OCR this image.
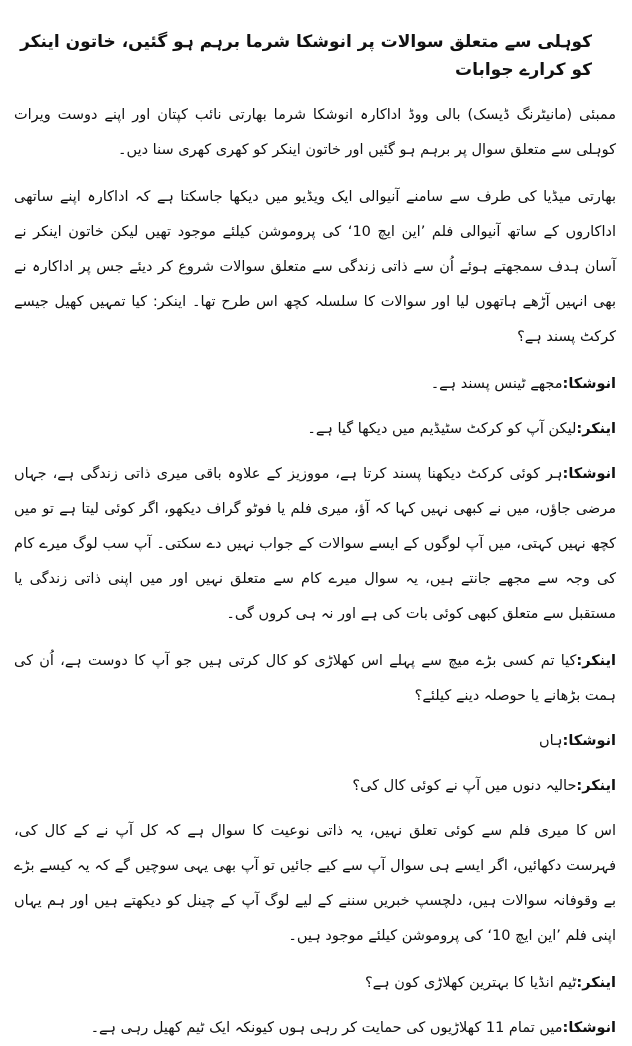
کوہلی سے متعلق سوالات پر انوشکا شرما برہم ہو گئیں، خاتون اینکر کو کرارے جوابات

ممبئی (مانیٹرنگ ڈیسک) بالی ووڈ اداکارہ انوشکا شرما بھارتی نائب کپتان اور اپنے دوست ویرات کوہلی سے متعلق سوال پر برہم ہو گئیں اور خاتون اینکر کو کھری کھری سنا دیں۔

بھارتی میڈیا کی طرف سے سامنے آنیوالی ایک ویڈیو میں دیکھا جاسکتا ہے کہ اداکارہ اپنے ساتھی اداکاروں کے ساتھ آنیوالی فلم ’این ایچ 10‘ کی پروموشن کیلئے موجود تھیں لیکن خاتون اینکر نے آسان ہدف سمجھتے ہوئے اُن سے ذاتی زندگی سے متعلق سوالات شروع کر دیئے جس پر اداکارہ نے بھی انہیں آڑھے ہاتھوں لیا اور سوالات کا سلسلہ کچھ اس طرح تھا۔ اینکر: کیا تمہیں کھیل جیسے کرکٹ پسند ہے؟

انوشکا:مجھے ٹینس پسند ہے۔

اینکر:لیکن آپ کو کرکٹ سٹیڈیم میں دیکھا گیا ہے۔

انوشکا:ہر کوئی کرکٹ دیکھنا پسند کرتا ہے، مووزیز کے علاوہ باقی میری ذاتی زندگی ہے، جہاں مرضی جاﺅں، میں نے کبھی نہیں کہا کہ آﺅ، میری فلم یا فوٹو گراف دیکھو، اگر کوئی لیتا ہے تو میں کچھ نہیں کہتی، میں آپ لوگوں کے ایسے سوالات کے جواب نہیں دے سکتی۔ آپ سب لوگ میرے کام کی وجہ سے مجھے جانتے ہیں، یہ سوال میرے کام سے متعلق نہیں اور میں اپنی ذاتی زندگی یا مستقبل سے متعلق کبھی کوئی بات کی ہے اور نہ ہی کروں گی۔

اینکر:کیا تم کسی بڑے میچ سے پہلے اس کھلاڑی کو کال کرتی ہیں جو آپ کا دوست ہے، اُن کی ہمت بڑھانے یا حوصلہ دینے کیلئے؟

انوشکا:ہاں

اینکر:حالیہ دنوں میں آپ نے کوئی کال کی؟

اس کا میری فلم سے کوئی تعلق نہیں، یہ ذاتی نوعیت کا سوال ہے کہ کل آپ نے کے کال کی، فہرست دکھائیں، اگر ایسے ہی سوال آپ سے کیے جائیں تو آپ بھی یہی سوچیں گے کہ یہ کیسے بڑے بے وقوفانہ سوالات ہیں، دلچسپ خبریں سننے کے لیے لوگ آپ کے چینل کو دیکھتے ہیں اور ہم یہاں اپنی فلم ’این ایچ 10‘ کی پروموشن کیلئے موجود ہیں۔

اینکر:ٹیم انڈیا کا بہترین کھلاڑی کون ہے؟

انوشکا:میں تمام 11 کھلاڑیوں کی حمایت کر رہی ہوں کیونکہ ایک ٹیم کھیل رہی ہے۔
